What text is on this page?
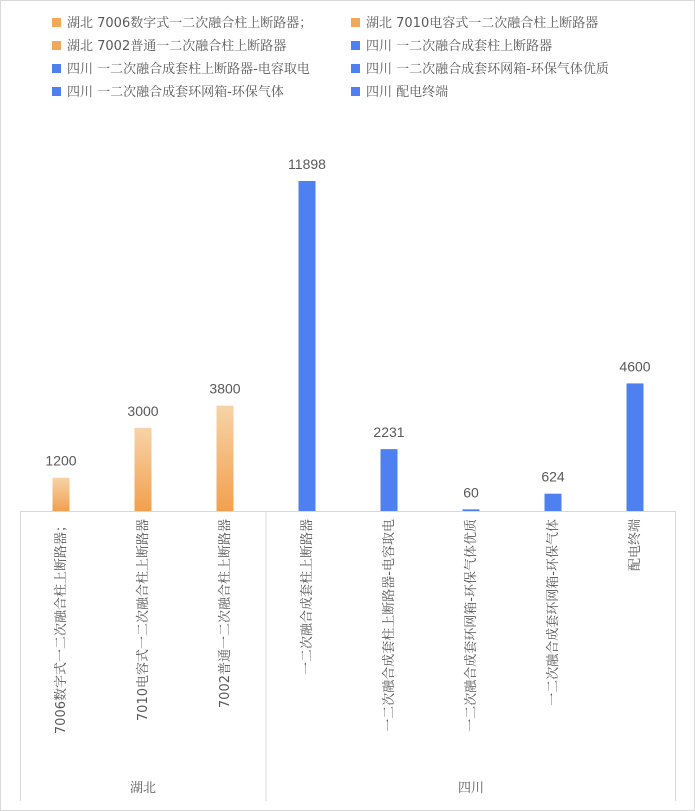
湖北 7006数字式一二次融合柱上断路器；	湖北 7010电容式一二次融合柱上断路器
湖北 7002普通一二次融合柱上断路器	四川 一二次融合成套柱上断路器
四川 一二次融合成套柱上断路器-电容取电	四川 一二次融合成套环网箱-环保气体优质
四川 一二次融合成套环网箱-环保气体	四川 配电终端
1200
3000
3800
11898
2231
60
624
4600
7006数字式一二次融合柱上断路器；	7010电容式一二次融合柱上断路器	7002普通一二次融合柱上断路器	一二次融合成套柱上断路器	一二次融合成套柱上断路器-电容取电	一二次融合成套环网箱-环保气体优质	一二次融合成套环网箱-环保气体	配电终端
湖北	四川
